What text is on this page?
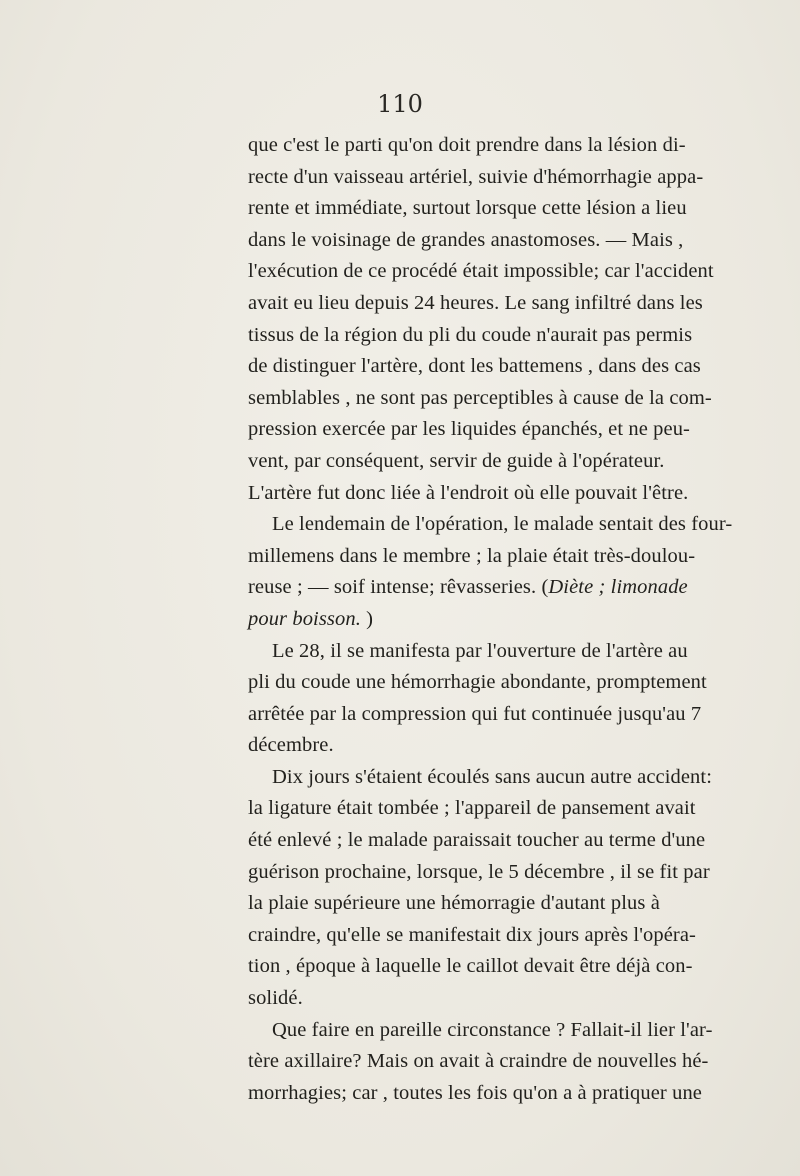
110
que c'est le parti qu'on doit prendre dans la lésion di-
recte d'un vaisseau artériel, suivie d'hémorrhagie appa-
rente et immédiate, surtout lorsque cette lésion a lieu
dans le voisinage de grandes anastomoses. — Mais ,
l'exécution de ce procédé était impossible; car l'accident
avait eu lieu depuis 24 heures. Le sang infiltré dans les
tissus de la région du pli du coude n'aurait pas permis
de distinguer l'artère, dont les battemens , dans des cas
semblables , ne sont pas perceptibles à cause de la com-
pression exercée par les liquides épanchés, et ne peu-
vent, par conséquent, servir de guide à l'opérateur.
L'artère fut donc liée à l'endroit où elle pouvait l'être.
Le lendemain de l'opération, le malade sentait des four-
millemens dans le membre ; la plaie était très-doulou-
reuse ; — soif intense; rêvasseries. (Diète ; limonade
pour boisson. )
Le 28, il se manifesta par l'ouverture de l'artère au
pli du coude une hémorrhagie abondante, promptement
arrêtée par la compression qui fut continuée jusqu'au 7
décembre.
Dix jours s'étaient écoulés sans aucun autre accident:
la ligature était tombée ; l'appareil de pansement avait
été enlevé ; le malade paraissait toucher au terme d'une
guérison prochaine, lorsque, le 5 décembre , il se fit par
la plaie supérieure une hémorragie d'autant plus à
craindre, qu'elle se manifestait dix jours après l'opéra-
tion , époque à laquelle le caillot devait être déjà con-
solidé.
Que faire en pareille circonstance ? Fallait-il lier l'ar-
tère axillaire? Mais on avait à craindre de nouvelles hé-
morrhagies; car , toutes les fois qu'on a à pratiquer une
